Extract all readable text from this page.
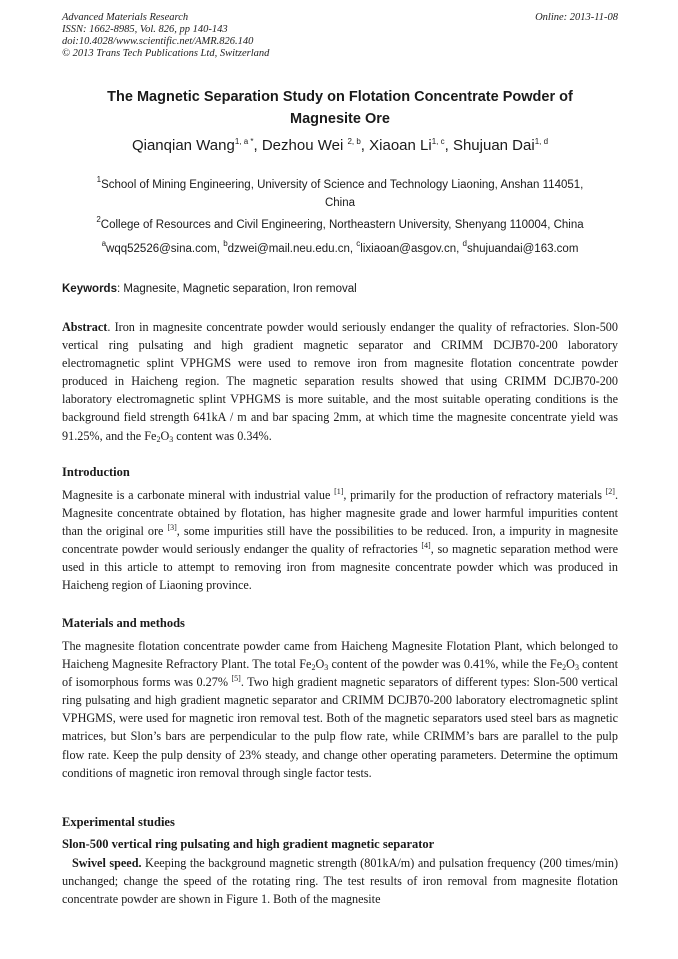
Advanced Materials Research
ISSN: 1662-8985, Vol. 826, pp 140-143
doi:10.4028/www.scientific.net/AMR.826.140
© 2013 Trans Tech Publications Ltd, Switzerland
Online: 2013-11-08
The Magnetic Separation Study on Flotation Concentrate Powder of
Magnesite Ore
Qianqian Wang$^{1, a *}$, Dezhou Wei $^{2, b}$, Xiaoan Li$^{1, c}$, Shujuan Dai$^{1, d}$
$^1$School of Mining Engineering, University of Science and Technology Liaoning, Anshan 114051,
China
$^2$College of Resources and Civil Engineering, Northeastern University, Shenyang 110004, China
$^a$wqq52526@sina.com, $^b$dzwei@mail.neu.edu.cn, $^c$lixiaoan@asgov.cn, $^d$shujuandai@163.com
Keywords: Magnesite, Magnetic separation, Iron removal
Abstract. Iron in magnesite concentrate powder would seriously endanger the quality of refractories. Slon-500 vertical ring pulsating and high gradient magnetic separator and CRIMM DCJB70-200 laboratory electromagnetic splint VPHGMS were used to remove iron from magnesite flotation concentrate powder produced in Haicheng region. The magnetic separation results showed that using CRIMM DCJB70-200 laboratory electromagnetic splint VPHGMS is more suitable, and the most suitable operating conditions is the background field strength 641kA / m and bar spacing 2mm, at which time the magnesite concentrate yield was 91.25%, and the $Fe_2O_3$ content was 0.34%.
Introduction
Magnesite is a carbonate mineral with industrial value [1], primarily for the production of refractory materials [2]. Magnesite concentrate obtained by flotation, has higher magnesite grade and lower harmful impurities content than the original ore [3], some impurities still have the possibilities to be reduced. Iron, a impurity in magnesite concentrate powder would seriously endanger the quality of refractories [4], so magnetic separation method were used in this article to attempt to removing iron from magnesite concentrate powder which was produced in Haicheng region of Liaoning province.
Materials and methods
The magnesite flotation concentrate powder came from Haicheng Magnesite Flotation Plant, which belonged to Haicheng Magnesite Refractory Plant. The total $Fe_2O_3$ content of the powder was 0.41%, while the $Fe_2O_3$ content of isomorphous forms was 0.27% [5]. Two high gradient magnetic separators of different types: Slon-500 vertical ring pulsating and high gradient magnetic separator and CRIMM DCJB70-200 laboratory electromagnetic splint VPHGMS, were used for magnetic iron removal test. Both of the magnetic separators used steel bars as magnetic matrices, but Slon’s bars are perpendicular to the pulp flow rate, while CRIMM’s bars are parallel to the pulp flow rate. Keep the pulp density of 23% steady, and change other operating parameters. Determine the optimum conditions of magnetic iron removal through single factor tests.
Experimental studies
Slon-500 vertical ring pulsating and high gradient magnetic separator
Swivel speed. Keeping the background magnetic strength (801kA/m) and pulsation frequency (200 times/min) unchanged; change the speed of the rotating ring. The test results of iron removal from magnesite flotation concentrate powder are shown in Figure 1. Both of the magnesite
